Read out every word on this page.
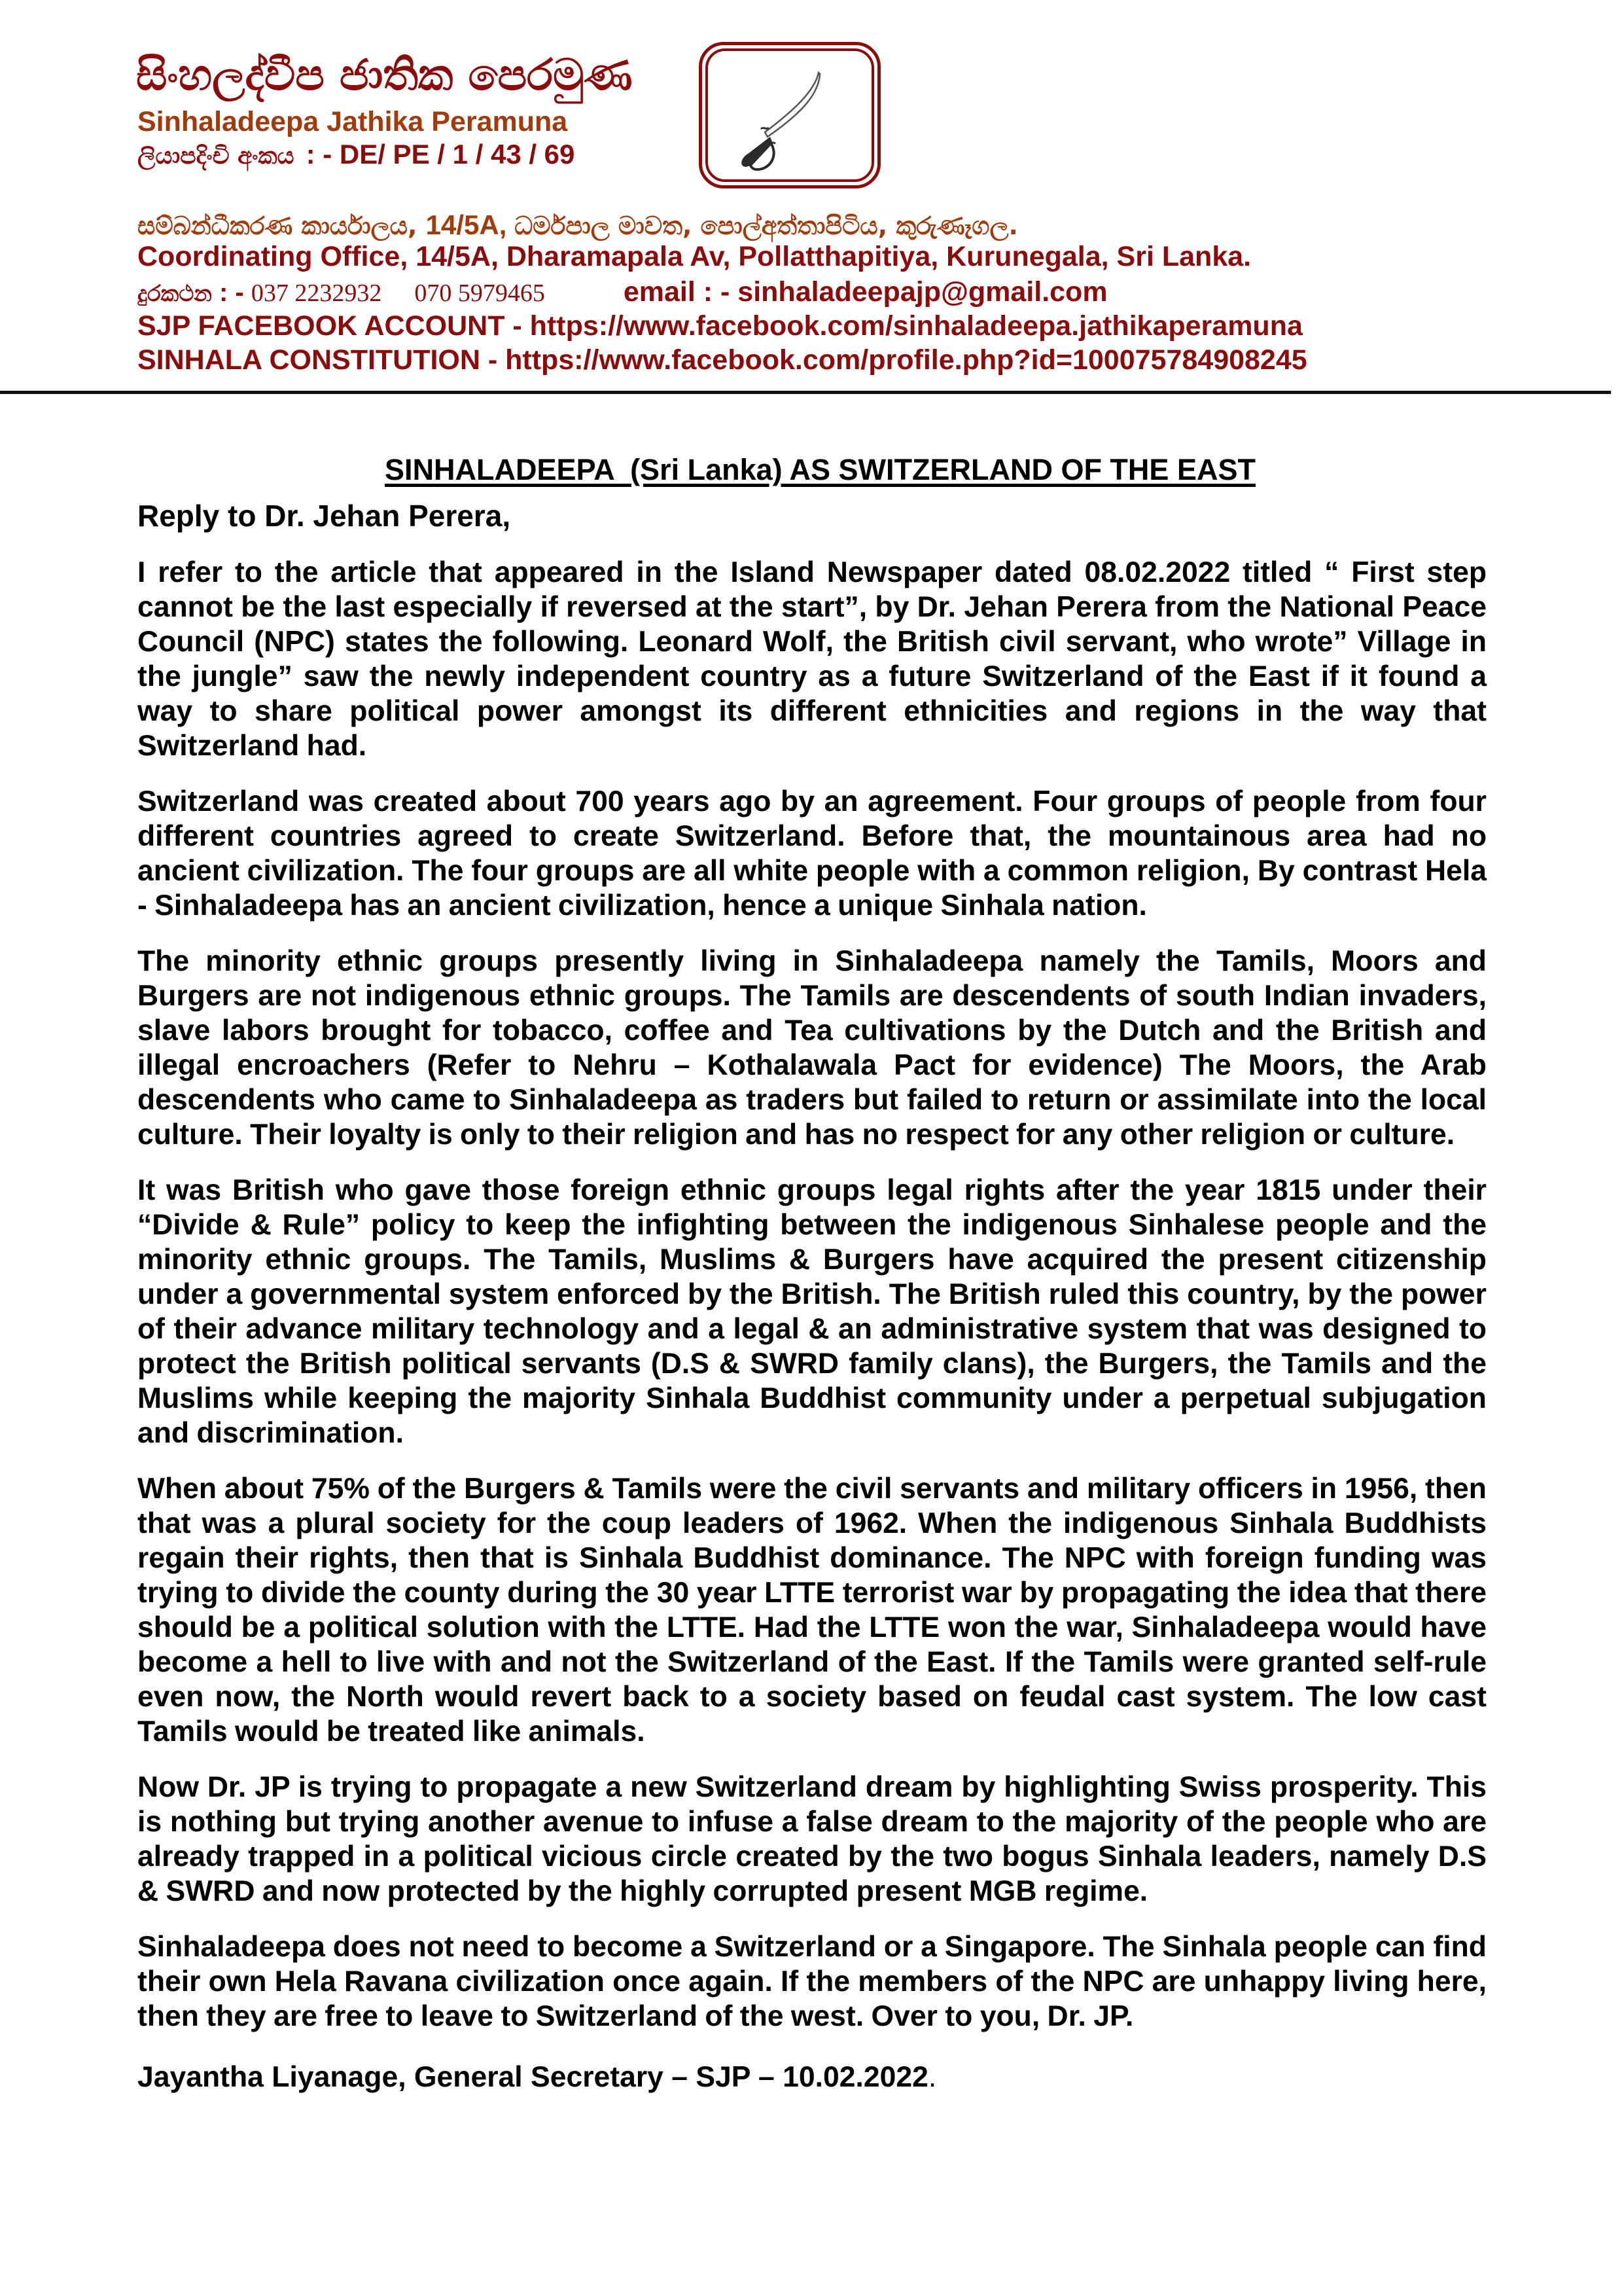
සිංහලද්වීප ජාතික පෙරමුණ
Sinhaladeepa Jathika Peramuna
ලියාපදිංචි අංකය : - DE/ PE / 1 / 43 / 69
සම්බන්ධීකරණ කාර්යාලය, 14/5A, ධර්මපාල මාවත, පොල්අත්තාපිටිය, කුරුණෑගල.
Coordinating Office, 14/5A, Dharamapala Av, Pollatthapitiya, Kurunegala, Sri Lanka.
දුරකථන : - 037 2232932 070 5979465	email : - sinhaladeepajp@gmail.com
SJP FACEBOOK ACCOUNT - https://www.facebook.com/sinhaladeepa.jathikaperamuna
SINHALA CONSTITUTION - https://www.facebook.com/profile.php?id=100075784908245

SINHALADEEPA  (Sri Lanka) AS SWITZERLAND OF THE EAST

Reply to Dr. Jehan Perera,

I refer to the article that appeared in the Island Newspaper dated 08.02.2022 titled “ First step cannot be the last especially if reversed at the start”, by Dr. Jehan Perera from the National Peace Council (NPC) states the following. Leonard Wolf, the British civil servant, who wrote” Village in the jungle” saw the newly independent country as a future Switzerland of the East if it found a way to share political power amongst its different ethnicities and regions in the way that Switzerland had.

Switzerland was created about 700 years ago by an agreement. Four groups of people from four different countries agreed to create Switzerland. Before that, the mountainous area had no ancient civilization. The four groups are all white people with a common religion, By contrast Hela - Sinhaladeepa has an ancient civilization, hence a unique Sinhala nation.

The minority ethnic groups presently living in Sinhaladeepa namely the Tamils, Moors and Burgers are not indigenous ethnic groups. The Tamils are descendents of south Indian invaders, slave labors brought for tobacco, coffee and Tea cultivations by the Dutch and the British and illegal encroachers (Refer to Nehru – Kothalawala Pact for evidence) The Moors, the Arab descendents who came to Sinhaladeepa as traders but failed to return or assimilate into the local culture. Their loyalty is only to their religion and has no respect for any other religion or culture.

It was British who gave those foreign ethnic groups legal rights after the year 1815 under their “Divide & Rule” policy to keep the infighting between the indigenous Sinhalese people and the minority ethnic groups. The Tamils, Muslims & Burgers have acquired the present citizenship under a governmental system enforced by the British. The British ruled this country, by the power of their advance military technology and a legal & an administrative system that was designed to protect the British political servants (D.S & SWRD family clans), the Burgers, the Tamils and the Muslims while keeping the majority Sinhala Buddhist community under a perpetual subjugation and discrimination.

When about 75% of the Burgers & Tamils were the civil servants and military officers in 1956, then that was a plural society for the coup leaders of 1962. When the indigenous Sinhala Buddhists regain their rights, then that is Sinhala Buddhist dominance. The NPC with foreign funding was trying to divide the county during the 30 year LTTE terrorist war by propagating the idea that there should be a political solution with the LTTE. Had the LTTE won the war, Sinhaladeepa would have become a hell to live with and not the Switzerland of the East. If the Tamils were granted self-rule even now, the North would revert back to a society based on feudal cast system. The low cast Tamils would be treated like animals.

Now Dr. JP is trying to propagate a new Switzerland dream by highlighting Swiss prosperity. This is nothing but trying another avenue to infuse a false dream to the majority of the people who are already trapped in a political vicious circle created by the two bogus Sinhala leaders, namely D.S & SWRD and now protected by the highly corrupted present MGB regime.

Sinhaladeepa does not need to become a Switzerland or a Singapore. The Sinhala people can find their own Hela Ravana civilization once again. If the members of the NPC are unhappy living here, then they are free to leave to Switzerland of the west. Over to you, Dr. JP.

Jayantha Liyanage, General Secretary – SJP – 10.02.2022.
